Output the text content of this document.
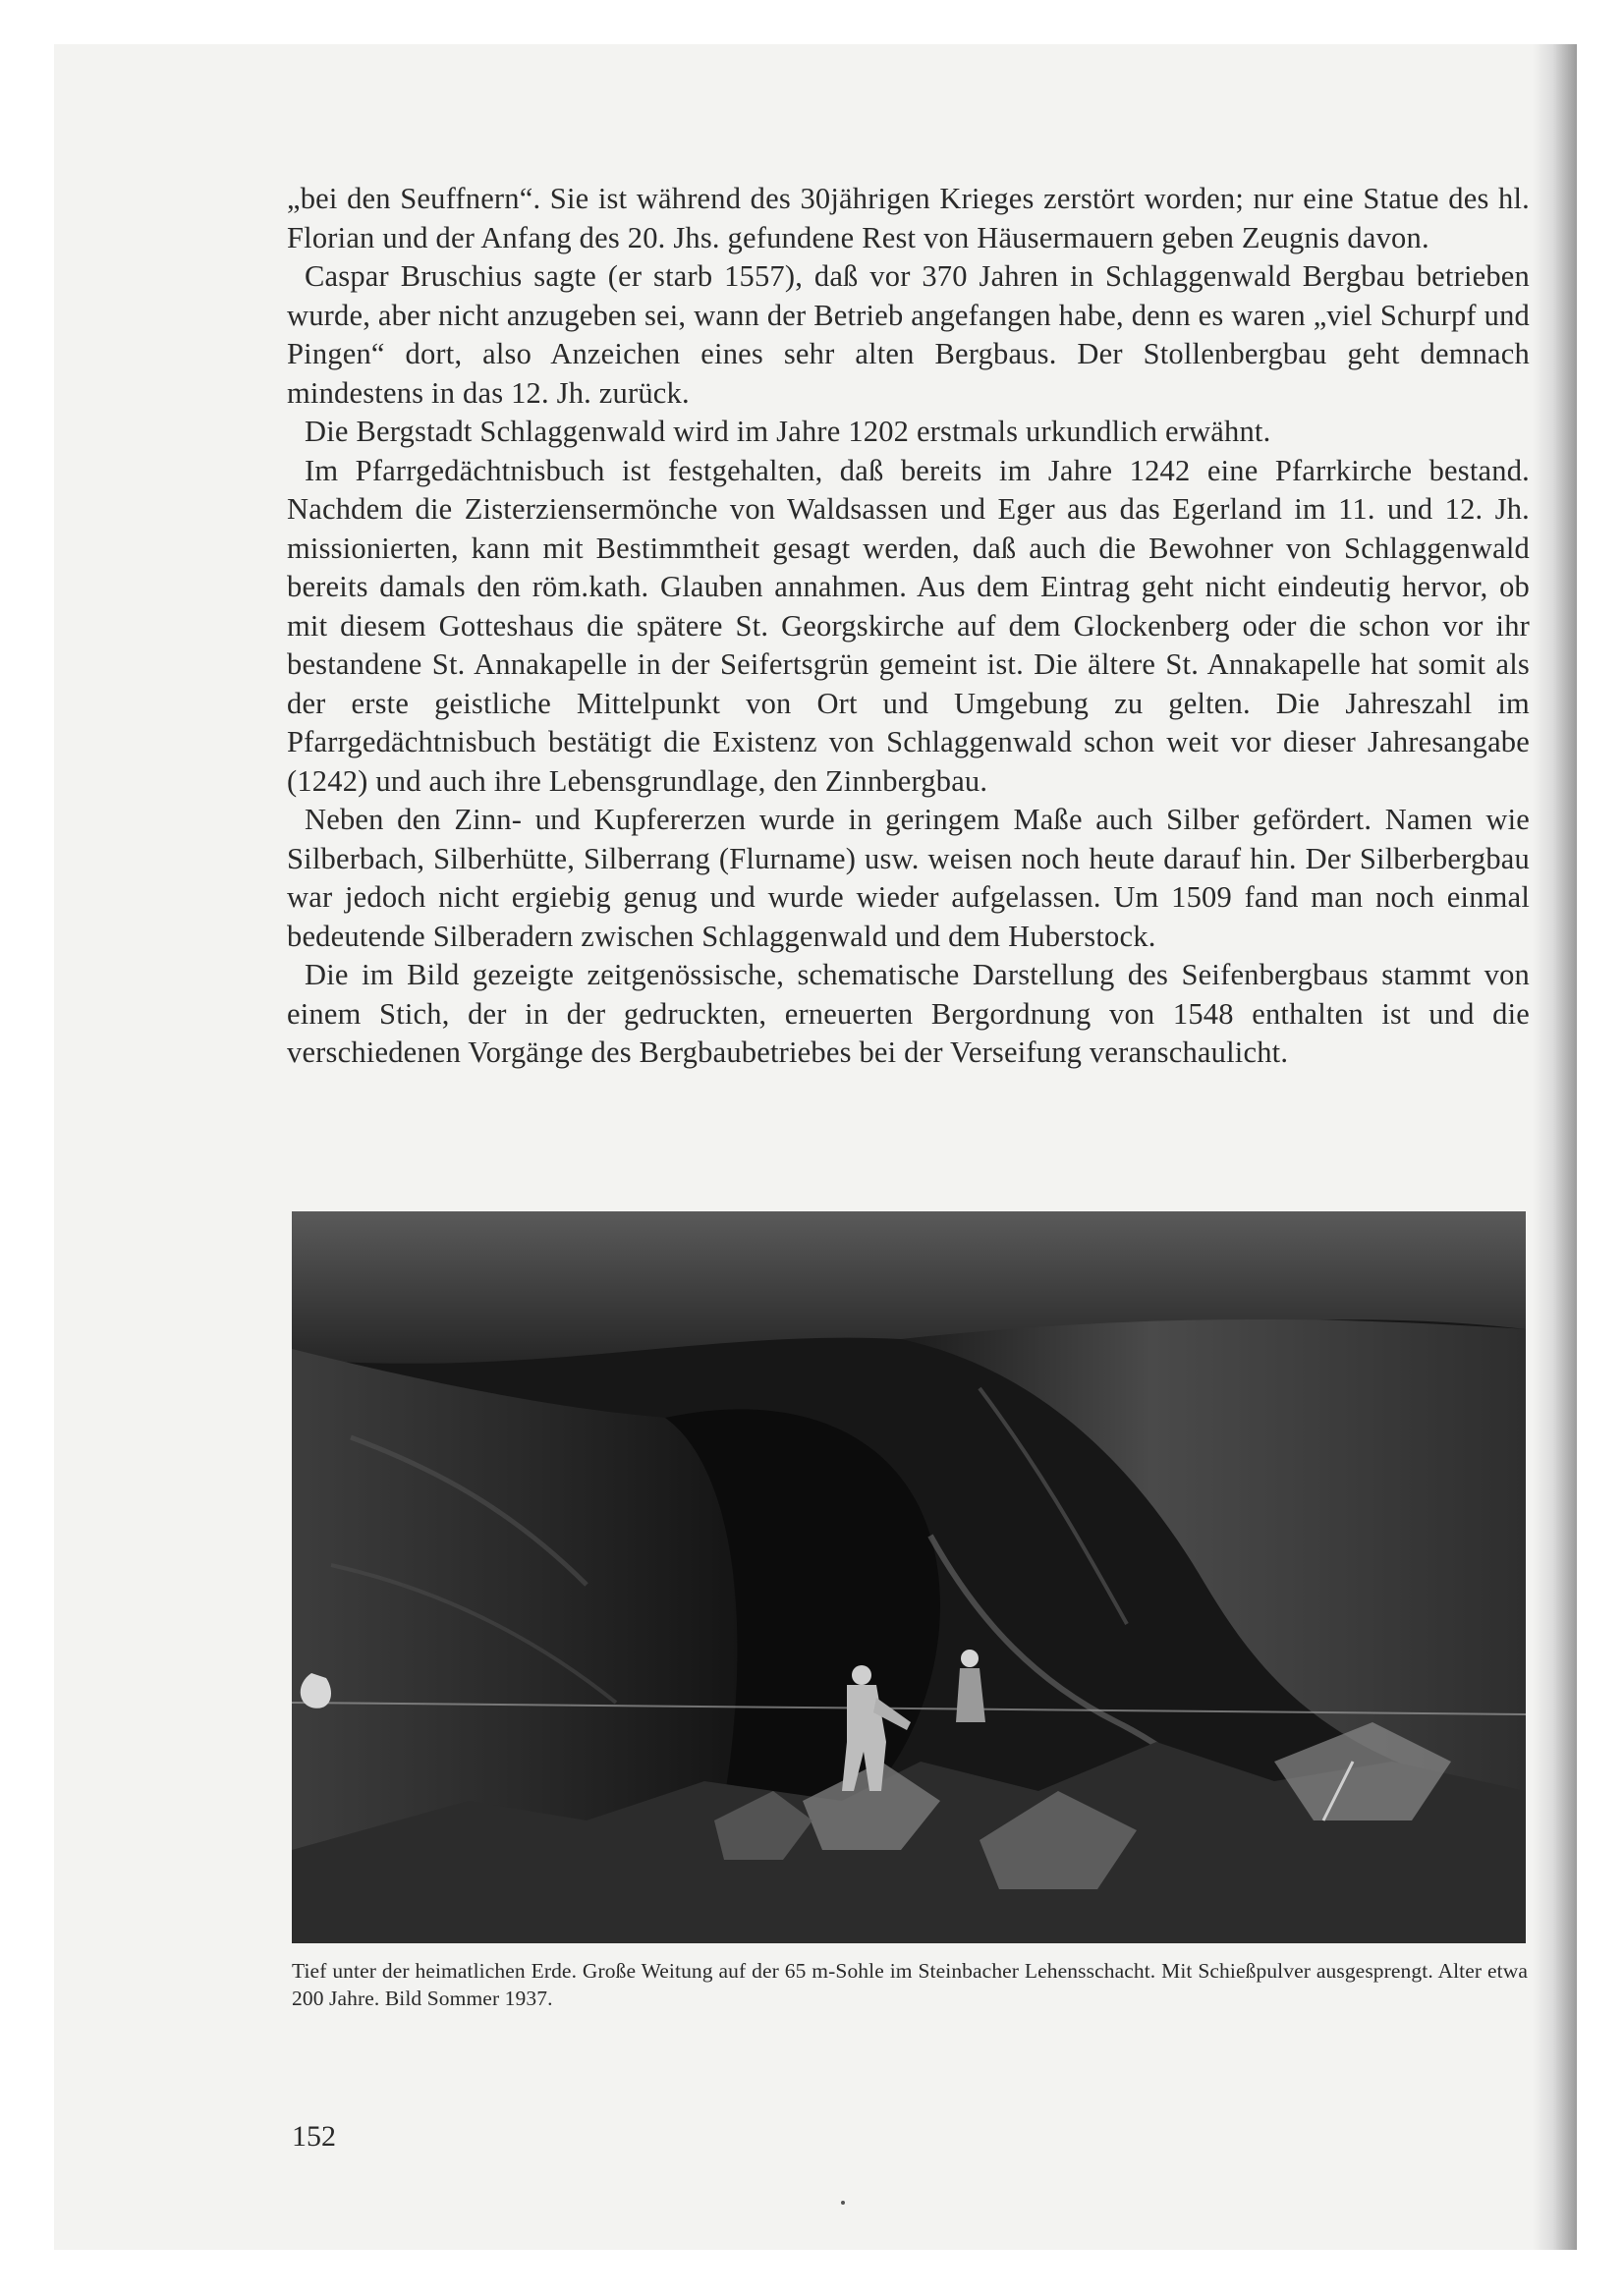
„bei den Seuffnern“. Sie ist während des 30jährigen Krieges zerstört worden; nur eine Statue des hl. Florian und der Anfang des 20. Jhs. gefundene Rest von Häusermauern geben Zeugnis davon.

Caspar Bruschius sagte (er starb 1557), daß vor 370 Jahren in Schlaggenwald Bergbau betrieben wurde, aber nicht anzugeben sei, wann der Betrieb angefangen habe, denn es waren „viel Schurpf und Pingen“ dort, also Anzeichen eines sehr alten Bergbaus. Der Stollenbergbau geht demnach mindestens in das 12. Jh. zurück.

Die Bergstadt Schlaggenwald wird im Jahre 1202 erstmals urkundlich erwähnt.

Im Pfarrgedächtnisbuch ist festgehalten, daß bereits im Jahre 1242 eine Pfarrkirche bestand. Nachdem die Zisterziensermönche von Waldsassen und Eger aus das Egerland im 11. und 12. Jh. missionierten, kann mit Bestimmtheit gesagt werden, daß auch die Bewohner von Schlaggenwald bereits damals den röm.kath. Glauben annahmen. Aus dem Eintrag geht nicht eindeutig hervor, ob mit diesem Gotteshaus die spätere St. Georgskirche auf dem Glockenberg oder die schon vor ihr bestandene St. Annakapelle in der Seifertsgrün gemeint ist. Die ältere St. Annakapelle hat somit als der erste geistliche Mittelpunkt von Ort und Umgebung zu gelten. Die Jahreszahl im Pfarrgedächtnisbuch bestätigt die Existenz von Schlaggenwald schon weit vor dieser Jahresangabe (1242) und auch ihre Lebensgrundlage, den Zinnbergbau.

Neben den Zinn- und Kupfererzen wurde in geringem Maße auch Silber gefördert. Namen wie Silberbach, Silberhütte, Silberrang (Flurname) usw. weisen noch heute darauf hin. Der Silberbergbau war jedoch nicht ergiebig genug und wurde wieder aufgelassen. Um 1509 fand man noch einmal bedeutende Silberadern zwischen Schlaggenwald und dem Huberstock.

Die im Bild gezeigte zeitgenössische, schematische Darstellung des Seifenbergbaus stammt von einem Stich, der in der gedruckten, erneuerten Bergordnung von 1548 enthalten ist und die verschiedenen Vorgänge des Bergbaubetriebes bei der Verseifung veranschaulicht.

Tief unter der heimatlichen Erde. Große Weitung auf der 65 m-Sohle im Steinbacher Lehensschacht. Mit Schießpulver ausgesprengt. Alter etwa 200 Jahre. Bild Sommer 1937.
152
